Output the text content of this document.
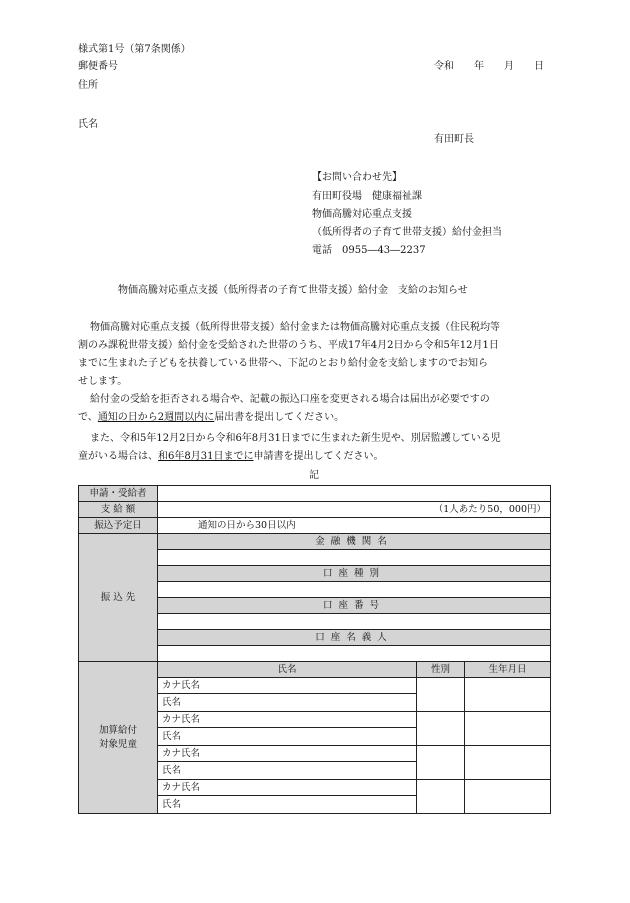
様式第1号（第7条関係）
郵便番号	令和　　年　　月　　日
住所
氏名
有田町長
【お問い合わせ先】
有田町役場　健康福祉課
物価高騰対応重点支援
（低所得者の子育て世帯支援）給付金担当
電話　0955―43―2237
物価高騰対応重点支援（低所得者の子育て世帯支援）給付金　支給のお知らせ
物価高騰対応重点支援（低所得世帯支援）給付金または物価高騰対応重点支援（住民税均等
割のみ課税世帯支援）給付金を受給された世帯のうち、平成17年4月2日から令和5年12月1日
までに生まれた子どもを扶養している世帯へ、下記のとおり給付金を支給しますのでお知ら
せします。
給付金の受給を拒否される場合や、記載の振込口座を変更される場合は届出が必要ですの
で、通知の日から2週間以内に届出書を提出してください。
また、令和5年12月2日から令和6年8月31日までに生まれた新生児や、別居監護している児
童がいる場合は、和6年8月31日までに申請書を提出してください。
記
申請・受給者			
支 給 額	（1人あたり50，000円）		
振込予定日	通知の日から30日以内		
振 込 先	金融機関名		

	口座種別		

	口座番号		

	口座名義人		

加算給付
対象児童	氏名	性別	生年月日
	カナ氏名		
	氏名		
	カナ氏名		
	氏名		
	カナ氏名		
	氏名		
	カナ氏名		
	氏名		
